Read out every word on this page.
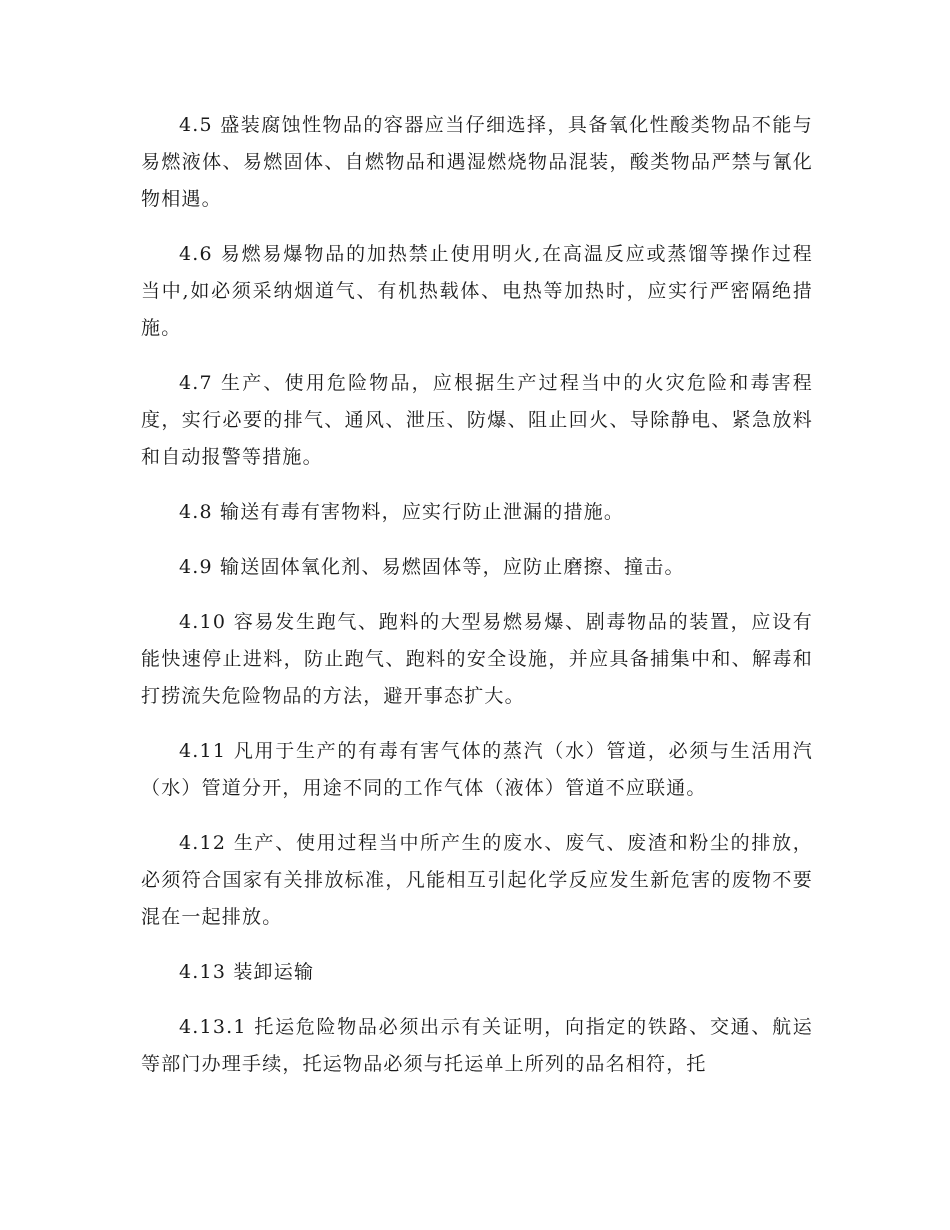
4.5 盛装腐蚀性物品的容器应当仔细选择，具备氧化性酸类物品不能与易燃液体、易燃固体、自燃物品和遇湿燃烧物品混装，酸类物品严禁与氰化物相遇。

4.6 易燃易爆物品的加热禁止使用明火,在高温反应或蒸馏等操作过程当中,如必须采纳烟道气、有机热载体、电热等加热时，应实行严密隔绝措施。

4.7 生产、使用危险物品，应根据生产过程当中的火灾危险和毒害程度，实行必要的排气、通风、泄压、防爆、阻止回火、导除静电、紧急放料和自动报警等措施。

4.8 输送有毒有害物料，应实行防止泄漏的措施。

4.9 输送固体氧化剂、易燃固体等，应防止磨擦、撞击。

4.10 容易发生跑气、跑料的大型易燃易爆、剧毒物品的装置，应设有能快速停止进料，防止跑气、跑料的安全设施，并应具备捕集中和、解毒和打捞流失危险物品的方法，避开事态扩大。

4.11 凡用于生产的有毒有害气体的蒸汽（水）管道，必须与生活用汽（水）管道分开，用途不同的工作气体（液体）管道不应联通。

4.12 生产、使用过程当中所产生的废水、废气、废渣和粉尘的排放，必须符合国家有关排放标准，凡能相互引起化学反应发生新危害的废物不要混在一起排放。

4.13 装卸运输

4.13.1 托运危险物品必须出示有关证明，向指定的铁路、交通、航运等部门办理手续，托运物品必须与托运单上所列的品名相符，托
